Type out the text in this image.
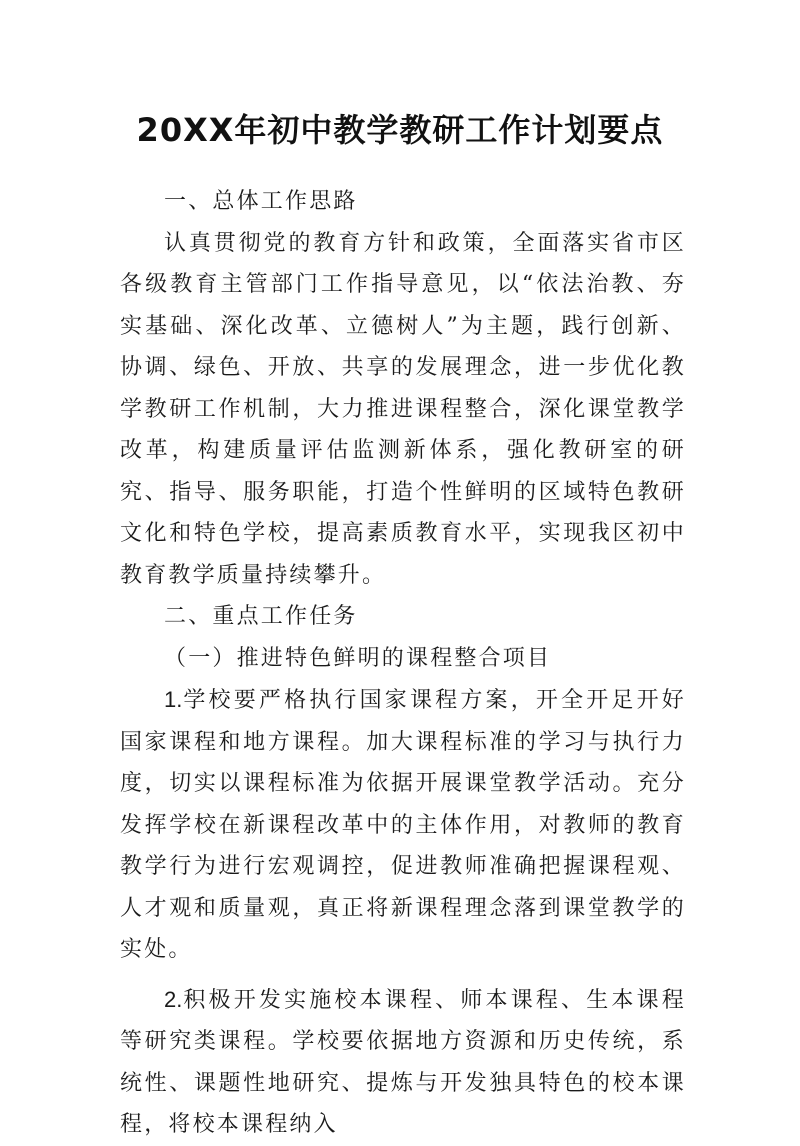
20XX年初中教学教研工作计划要点

一、总体工作思路

认真贯彻党的教育方针和政策，全面落实省市区各级教育主管部门工作指导意见，以“依法治教、夯实基础、深化改革、立德树人”为主题，践行创新、协调、绿色、开放、共享的发展理念，进一步优化教学教研工作机制，大力推进课程整合，深化课堂教学改革，构建质量评估监测新体系，强化教研室的研究、指导、服务职能，打造个性鲜明的区域特色教研文化和特色学校，提高素质教育水平，实现我区初中教育教学质量持续攀升。

二、重点工作任务

（一）推进特色鲜明的课程整合项目

1.学校要严格执行国家课程方案，开全开足开好国家课程和地方课程。加大课程标准的学习与执行力度，切实以课程标准为依据开展课堂教学活动。充分发挥学校在新课程改革中的主体作用，对教师的教育教学行为进行宏观调控，促进教师准确把握课程观、人才观和质量观，真正将新课程理念落到课堂教学的实处。

2.积极开发实施校本课程、师本课程、生本课程等研究类课程。学校要依据地方资源和历史传统，系统性、课题性地研究、提炼与开发独具特色的校本课程，将校本课程纳入
